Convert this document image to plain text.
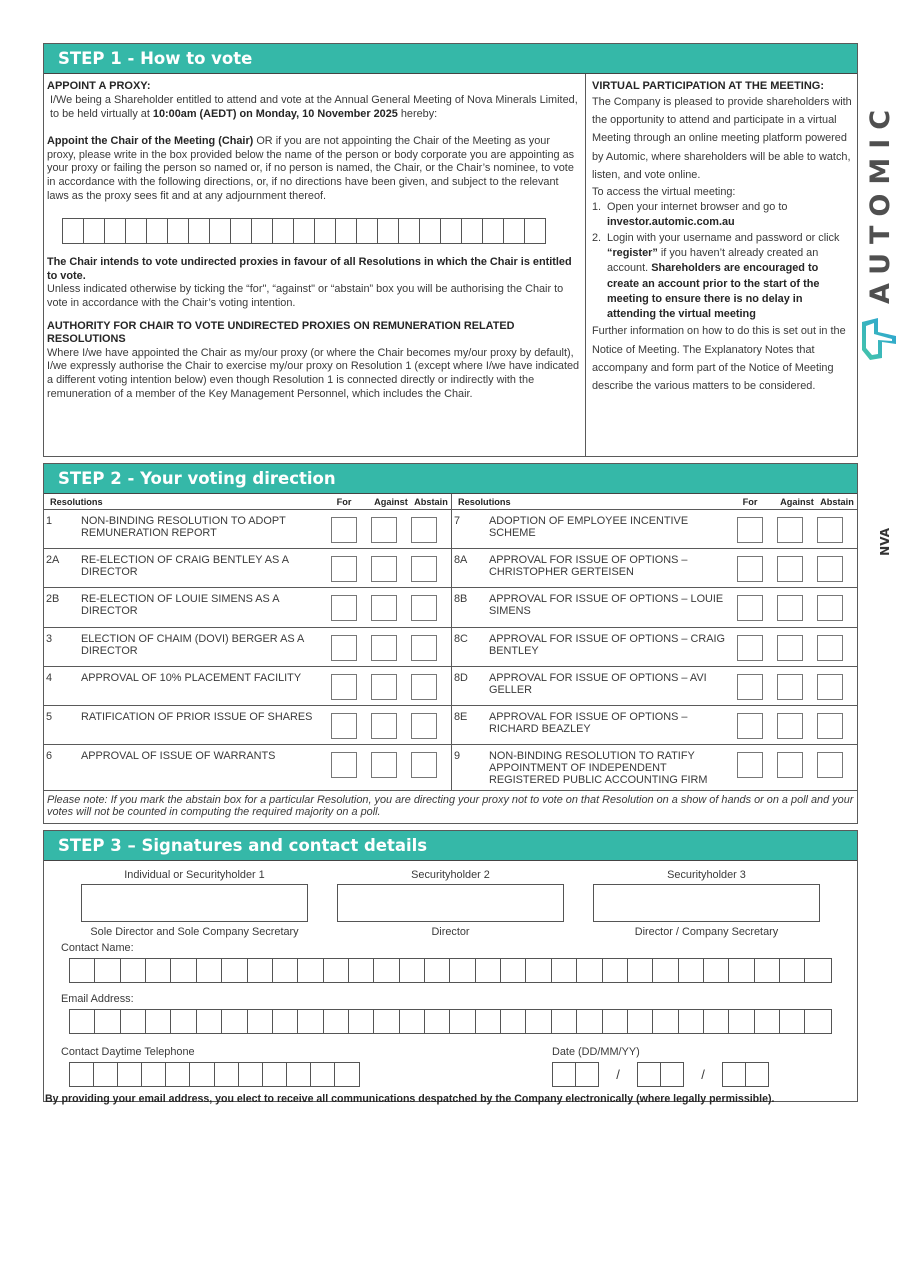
STEP 1 - How to vote
APPOINT A PROXY:

I/We being a Shareholder entitled to attend and vote at the Annual General Meeting of Nova Minerals Limited, to be held virtually at 10:00am (AEDT) on Monday, 10 November 2025 hereby:

Appoint the Chair of the Meeting (Chair) OR if you are not appointing the Chair of the Meeting as your proxy, please write in the box provided below the name of the person or body corporate you are appointing as your proxy or failing the person so named or, if no person is named, the Chair, or the Chair’s nominee, to vote in accordance with the following directions, or, if no directions have been given, and subject to the relevant laws as the proxy sees fit and at any adjournment thereof.

The Chair intends to vote undirected proxies in favour of all Resolutions in which the Chair is entitled to vote.

Unless indicated otherwise by ticking the “for", “against" or “abstain” box you will be authorising the Chair to vote in accordance with the Chair’s voting intention.

AUTHORITY FOR CHAIR TO VOTE UNDIRECTED PROXIES ON REMUNERATION RELATED RESOLUTIONS

Where I/we have appointed the Chair as my/our proxy (or where the Chair becomes my/our proxy by default), I/we expressly authorise the Chair to exercise my/our proxy on Resolution 1 (except where I/we have indicated a different voting intention below) even though Resolution 1 is connected directly or indirectly with the remuneration of a member of the Key Management Personnel, which includes the Chair.

VIRTUAL PARTICIPATION AT THE MEETING:

The Company is pleased to provide shareholders with the opportunity to attend and participate in a virtual Meeting through an online meeting platform powered by Automic, where shareholders will be able to watch, listen, and vote online.

To access the virtual meeting:

1. Open your internet browser and go to investor.automic.com.au
2. Login with your username and password or click “register” if you haven’t already created an account. Shareholders are encouraged to create an account prior to the start of the meeting to ensure there is no delay in attending the virtual meeting

Further information on how to do this is set out in the Notice of Meeting. The Explanatory Notes that accompany and form part of the Notice of Meeting describe the various matters to be considered.

AUTOMIC
NVA
STEP 2 - Your voting direction
Resolutions	For	Against Abstain
1	NON-BINDING RESOLUTION TO ADOPT REMUNERATION REPORT
2A	RE-ELECTION OF CRAIG BENTLEY AS A DIRECTOR
2B	RE-ELECTION OF LOUIE SIMENS AS A DIRECTOR
3	ELECTION OF CHAIM (DOVI) BERGER AS A DIRECTOR
4	APPROVAL OF 10% PLACEMENT FACILITY
5	RATIFICATION OF PRIOR ISSUE OF SHARES
6	APPROVAL OF ISSUE OF WARRANTS
Resolutions	For	Against Abstain
7	ADOPTION OF EMPLOYEE INCENTIVE SCHEME
8A	APPROVAL FOR ISSUE OF OPTIONS – CHRISTOPHER GERTEISEN
8B	APPROVAL FOR ISSUE OF OPTIONS – LOUIE SIMENS
8C	APPROVAL FOR ISSUE OF OPTIONS – CRAIG BENTLEY
8D	APPROVAL FOR ISSUE OF OPTIONS – AVI GELLER
8E	APPROVAL FOR ISSUE OF OPTIONS – RICHARD BEAZLEY
9	NON-BINDING RESOLUTION TO RATIFY APPOINTMENT OF INDEPENDENT REGISTERED PUBLIC ACCOUNTING FIRM
Please note: If you mark the abstain box for a particular Resolution, you are directing your proxy not to vote on that Resolution on a show of hands or on a poll and your votes will not be counted in computing the required majority on a poll.
STEP 3 – Signatures and contact details
Individual or Securityholder 1
Sole Director and Sole Company Secretary
Securityholder 2
Director
Securityholder 3
Director / Company Secretary
Contact Name:
Email Address:
Contact Daytime Telephone	Date (DD/MM/YY)
/	/
By providing your email address, you elect to receive all communications despatched by the Company electronically (where legally permissible).
